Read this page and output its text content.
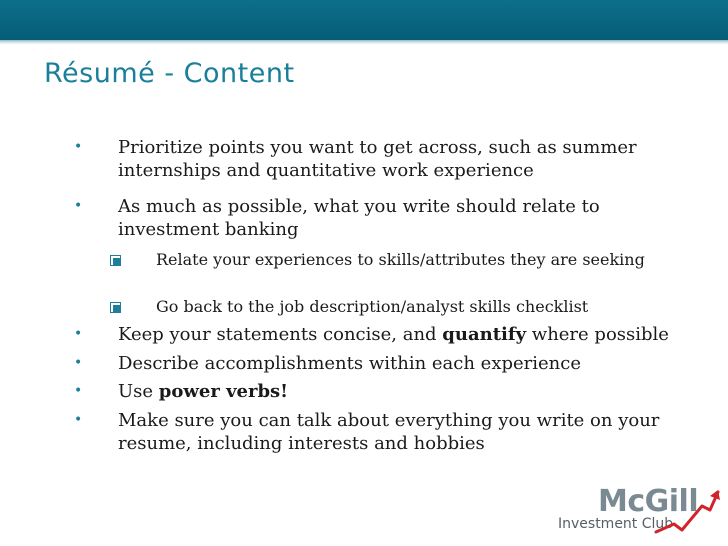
Résumé - Content
• Prioritize points you want to get across, such as summer internships and quantitative work experience
• As much as possible, what you write should relate to investment banking
Relate your experiences to skills/attributes they are seeking
Go back to the job description/analyst skills checklist
• Keep your statements concise, and quantify where possible
• Describe accomplishments within each experience
• Use power verbs!
• Make sure you can talk about everything you write on your resume, including interests and hobbies
McGill
Investment Club
